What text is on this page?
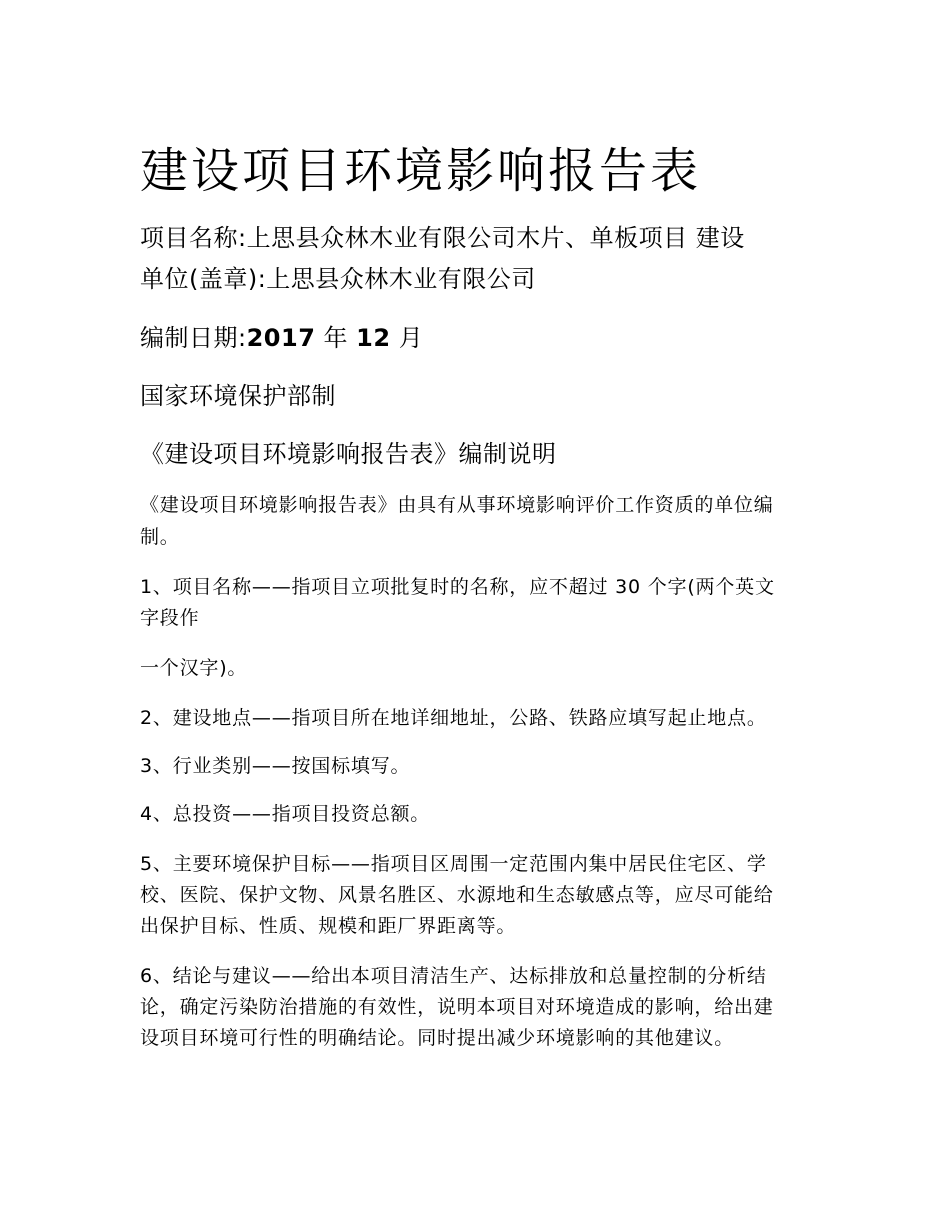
建设项目环境影响报告表
项目名称:上思县众林木业有限公司木片、单板项目 建设
单位(盖章):上思县众林木业有限公司
编制日期:2017 年 12 月
国家环境保护部制
《建设项目环境影响报告表》编制说明
《建设项目环境影响报告表》由具有从事环境影响评价工作资质的单位编
制。
1、项目名称——指项目立项批复时的名称，应不超过 30 个字(两个英文
字段作
一个汉字)。
2、建设地点——指项目所在地详细地址，公路、铁路应填写起止地点。
3、行业类别——按国标填写。
4、总投资——指项目投资总额。
5、主要环境保护目标——指项目区周围一定范围内集中居民住宅区、学
校、医院、保护文物、风景名胜区、水源地和生态敏感点等，应尽可能给
出保护目标、性质、规模和距厂界距离等。
6、结论与建议——给出本项目清洁生产、达标排放和总量控制的分析结
论，确定污染防治措施的有效性，说明本项目对环境造成的影响，给出建
设项目环境可行性的明确结论。同时提出减少环境影响的其他建议。
